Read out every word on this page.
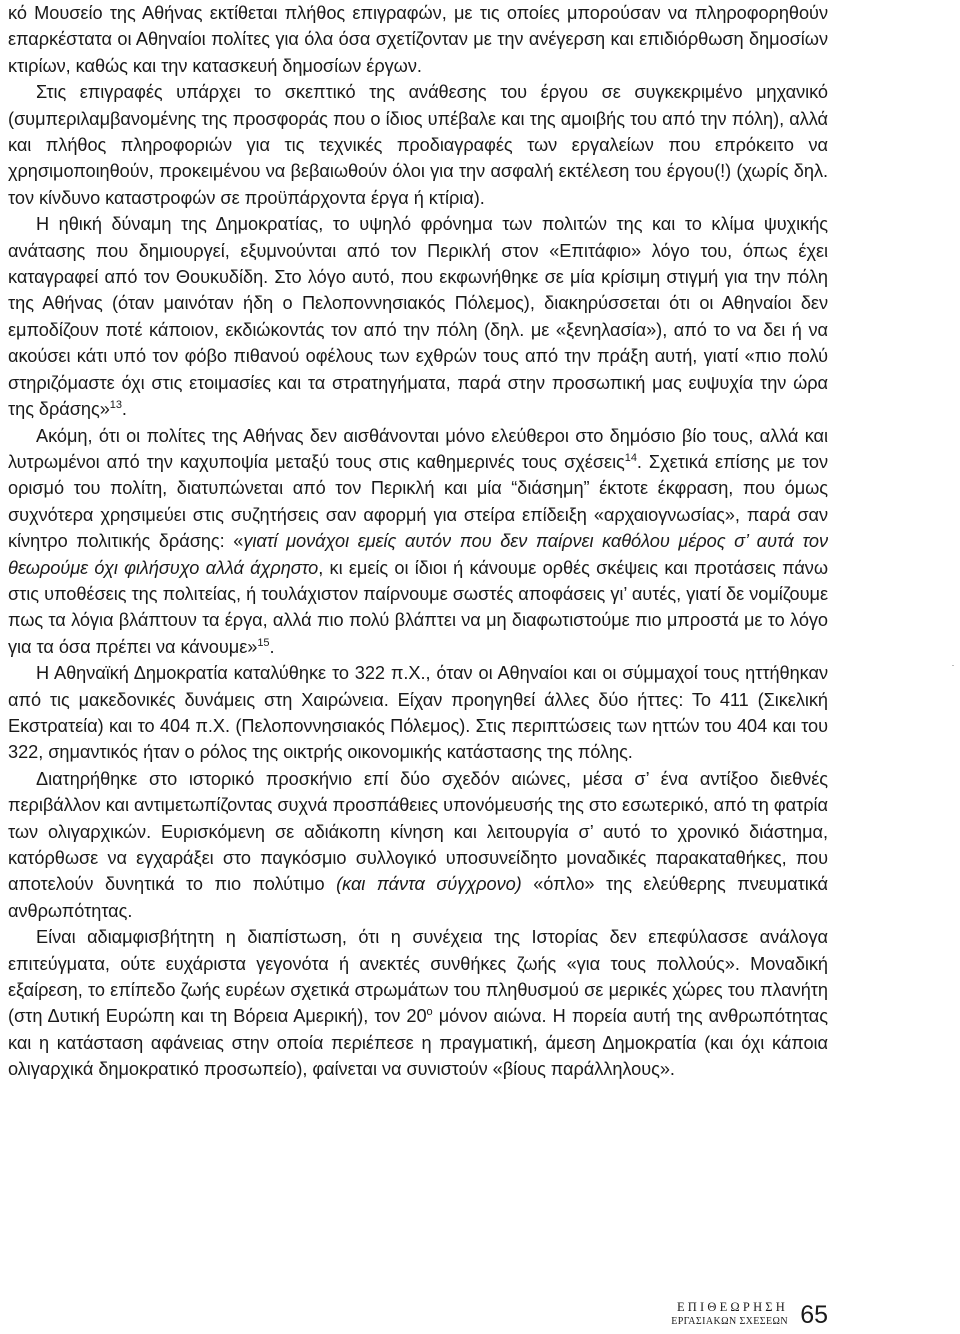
κό Μουσείο της Αθήνας εκτίθεται πλήθος επιγραφών, με τις οποίες μπορούσαν να πληροφορηθούν επαρκέστατα οι Αθηναίοι πολίτες για όλα όσα σχετίζονταν με την ανέγερση και επιδιόρθωση δημοσίων κτιρίων, καθώς και την κατασκευή δημοσίων έργων.

Στις επιγραφές υπάρχει το σκεπτικό της ανάθεσης του έργου σε συγκεκριμένο μηχανικό (συμπεριλαμβανομένης της προσφοράς που ο ίδιος υπέβαλε και της αμοιβής του από την πόλη), αλλά και πλήθος πληροφοριών για τις τεχνικές προδιαγραφές των εργαλείων που επρόκειτο να χρησιμοποιηθούν, προκειμένου να βεβαιωθούν όλοι για την ασφαλή εκτέλεση του έργου(!) (χωρίς δηλ. τον κίνδυνο καταστροφών σε προϋπάρχοντα έργα ή κτίρια).

Η ηθική δύναμη της Δημοκρατίας, το υψηλό φρόνημα των πολιτών της και το κλίμα ψυχικής ανάτασης που δημιουργεί, εξυμνούνται από τον Περικλή στον «Επιτάφιο» λόγο του, όπως έχει καταγραφεί από τον Θουκυδίδη. Στο λόγο αυτό, που εκφωνήθηκε σε μία κρίσιμη στιγμή για την πόλη της Αθήνας (όταν μαινόταν ήδη ο Πελοποννησιακός Πόλεμος), διακηρύσσεται ότι οι Αθηναίοι δεν εμποδίζουν ποτέ κάποιον, εκδιώκοντάς τον από την πόλη (δηλ. με «ξενηλασία»), από το να δει ή να ακούσει κάτι υπό τον φόβο πιθανού οφέλους των εχθρών τους από την πράξη αυτή, γιατί «πιο πολύ στηριζόμαστε όχι στις ετοιμασίες και τα στρατηγήματα, παρά στην προσωπική μας ευψυχία την ώρα της δράσης»$^{13}$.

Ακόμη, ότι οι πολίτες της Αθήνας δεν αισθάνονται μόνο ελεύθεροι στο δημόσιο βίο τους, αλλά και λυτρωμένοι από την καχυποψία μεταξύ τους στις καθημερινές τους σχέσεις$^{14}$. Σχετικά επίσης με τον ορισμό του πολίτη, διατυπώνεται από τον Περικλή και μία “διάσημη” έκτοτε έκφραση, που όμως συχνότερα χρησιμεύει στις συζητήσεις σαν αφορμή για στείρα επίδειξη «αρχαιογνωσίας», παρά σαν κίνητρο πολιτικής δράσης: «γιατί μονάχοι εμείς αυτόν που δεν παίρνει καθόλου μέρος σ’ αυτά τον θεωρούμε όχι φιλήσυχο αλλά άχρηστο, κι εμείς οι ίδιοι ή κάνουμε ορθές σκέψεις και προτάσεις πάνω στις υποθέσεις της πολιτείας, ή τουλάχιστον παίρνουμε σωστές αποφάσεις γι’ αυτές, γιατί δε νομίζουμε πως τα λόγια βλάπτουν τα έργα, αλλά πιο πολύ βλάπτει να μη διαφωτιστούμε πιο μπροστά με το λόγο για τα όσα πρέπει να κάνουμε»$^{15}$.

Η Αθηναϊκή Δημοκρατία καταλύθηκε το 322 π.Χ., όταν οι Αθηναίοι και οι σύμμαχοί τους ηττήθηκαν από τις μακεδονικές δυνάμεις στη Χαιρώνεια. Είχαν προηγηθεί άλλες δύο ήττες: Το 411 (Σικελική Εκστρατεία) και το 404 π.Χ. (Πελοποννησιακός Πόλεμος). Στις περιπτώσεις των ηττών του 404 και του 322, σημαντικός ήταν ο ρόλος της οικτρής οικονομικής κατάστασης της πόλης.

Διατηρήθηκε στο ιστορικό προσκήνιο επί δύο σχεδόν αιώνες, μέσα σ’ ένα αντίξοο διεθνές περιβάλλον και αντιμετωπίζοντας συχνά προσπάθειες υπονόμευσής της στο εσωτερικό, από τη φατρία των ολιγαρχικών. Ευρισκόμενη σε αδιάκοπη κίνηση και λειτουργία σ’ αυτό το χρονικό διάστημα, κατόρθωσε να εγχαράξει στο παγκόσμιο συλλογικό υποσυνείδητο μοναδικές παρακαταθήκες, που αποτελούν δυνητικά το πιο πολύτιμο (και πάντα σύγχρονο) «όπλο» της ελεύθερης πνευματικά ανθρωπότητας.

Είναι αδιαμφισβήτητη η διαπίστωση, ότι η συνέχεια της Ιστορίας δεν επεφύλασσε ανάλογα επιτεύγματα, ούτε ευχάριστα γεγονότα ή ανεκτές συνθήκες ζωής «για τους πολλούς». Μοναδική εξαίρεση, το επίπεδο ζωής ευρέων σχετικά στρωμάτων του πληθυσμού σε μερικές χώρες του πλανήτη (στη Δυτική Ευρώπη και τη Βόρεια Αμερική), τον $20^o$ μόνον αιώνα. Η πορεία αυτή της ανθρωπότητας και η κατάσταση αφάνειας στην οποία περιέπεσε η πραγματική, άμεση Δημοκρατία (και όχι κάποια ολιγαρχικά δημοκρατικό προσωπείο), φαίνεται να συνιστούν «βίους παράλληλους».

ΕΠΙΘΕΩΡΗΣΗ
ΕΡΓΑΣΙΑΚΩΝ ΣΧΕΣΕΩΝ 65
